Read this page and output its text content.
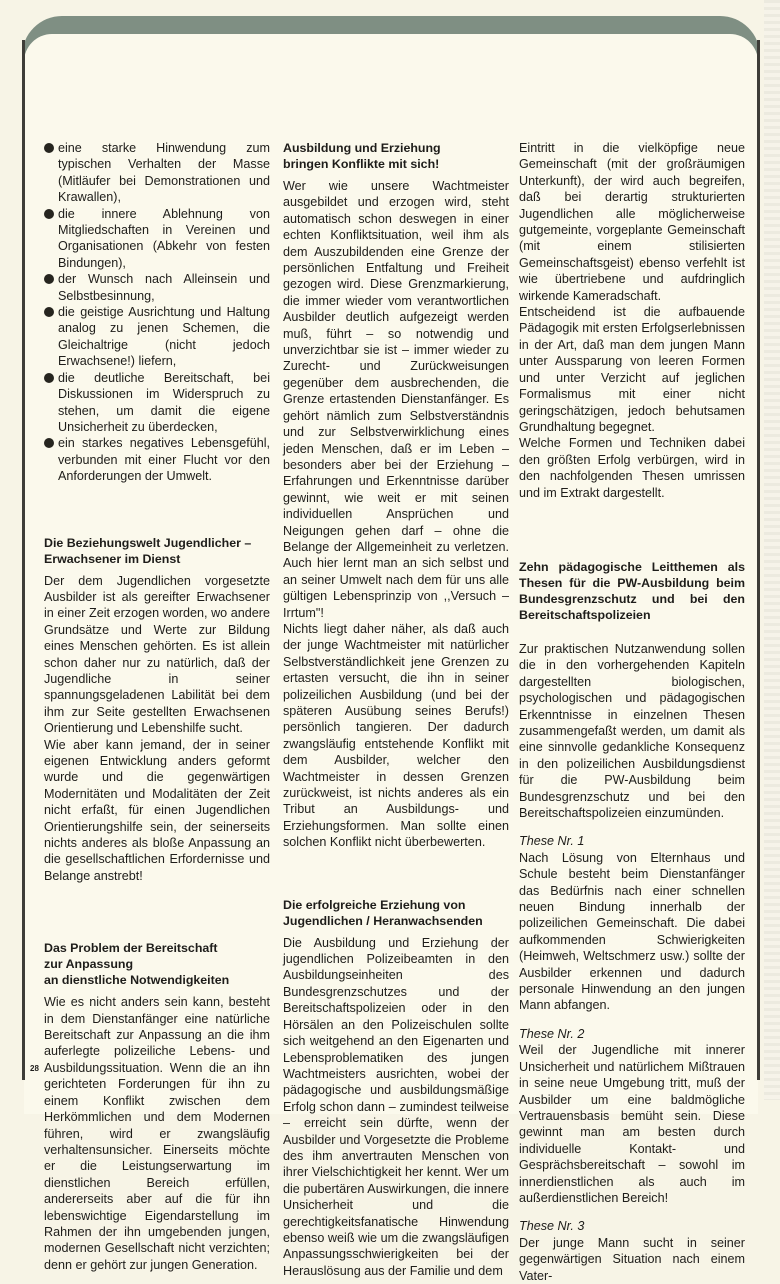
eine starke Hinwendung zum typischen Verhalten der Masse (Mitläufer bei Demonstrationen und Krawallen),
die innere Ablehnung von Mitgliedschaften in Vereinen und Organisationen (Abkehr von festen Bindungen),
der Wunsch nach Alleinsein und Selbstbesinnung,
die geistige Ausrichtung und Haltung analog zu jenen Schemen, die Gleichaltrige (nicht jedoch Erwachsene!) liefern,
die deutliche Bereitschaft, bei Diskussionen im Widerspruch zu stehen, um damit die eigene Unsicherheit zu überdecken,
ein starkes negatives Lebensgefühl, verbunden mit einer Flucht vor den Anforderungen der Umwelt.
Die Beziehungswelt Jugendlicher – Erwachsener im Dienst

Der dem Jugendlichen vorgesetzte Ausbilder ist als gereifter Erwachsener in einer Zeit erzogen worden, wo andere Grundsätze und Werte zur Bildung eines Menschen gehörten. Es ist allein schon daher nur zu natürlich, daß der Jugendliche in seiner spannungsgeladenen Labilität bei dem ihm zur Seite gestellten Erwachsenen Orientierung und Lebenshilfe sucht.

Wie aber kann jemand, der in seiner eigenen Entwicklung anders geformt wurde und die gegenwärtigen Modernitäten und Modalitäten der Zeit nicht erfaßt, für einen Jugendlichen Orientierungshilfe sein, der seinerseits nichts anderes als bloße Anpassung an die gesellschaftlichen Erfordernisse und Belange anstrebt!

Das Problem der Bereitschaft
zur Anpassung
an dienstliche Notwendigkeiten

Wie es nicht anders sein kann, besteht in dem Dienstanfänger eine natürliche Bereitschaft zur Anpassung an die ihm auferlegte polizeiliche Lebens- und Ausbildungssituation. Wenn die an ihn gerichteten Forderungen für ihn zu einem Konflikt zwischen dem Herkömmlichen und dem Modernen führen, wird er zwangsläufig verhaltensunsicher. Einerseits möchte er die Leistungserwartung im dienstlichen Bereich erfüllen, andererseits aber auf die für ihn lebenswichtige Eigendarstellung im Rahmen der ihn umgebenden jungen, modernen Gesellschaft nicht verzichten; denn er gehört zur jungen Generation.

Ausbildung und Erziehung
bringen Konflikte mit sich!

Wer wie unsere Wachtmeister ausgebildet und erzogen wird, steht automatisch schon deswegen in einer echten Konfliktsituation, weil ihm als dem Auszubildenden eine Grenze der persönlichen Entfaltung und Freiheit gezogen wird. Diese Grenzmarkierung, die immer wieder vom verantwortlichen Ausbilder deutlich aufgezeigt werden muß, führt – so notwendig und unverzichtbar sie ist – immer wieder zu Zurecht- und Zurückweisungen gegenüber dem ausbrechenden, die Grenze ertastenden Dienstanfänger. Es gehört nämlich zum Selbstverständnis und zur Selbstverwirklichung eines jeden Menschen, daß er im Leben – besonders aber bei der Erziehung – Erfahrungen und Erkenntnisse darüber gewinnt, wie weit er mit seinen individuellen Ansprüchen und Neigungen gehen darf – ohne die Belange der Allgemeinheit zu verletzen. Auch hier lernt man an sich selbst und an seiner Umwelt nach dem für uns alle gültigen Lebensprinzip von ,,Versuch – Irrtum"!

Nichts liegt daher näher, als daß auch der junge Wachtmeister mit natürlicher Selbstverständlichkeit jene Grenzen zu ertasten versucht, die ihn in seiner polizeilichen Ausbildung (und bei der späteren Ausübung seines Berufs!) persönlich tangieren. Der dadurch zwangsläufig entstehende Konflikt mit dem Ausbilder, welcher den Wachtmeister in dessen Grenzen zurückweist, ist nichts anderes als ein Tribut an Ausbildungs- und Erziehungsformen. Man sollte einen solchen Konflikt nicht überbewerten.

Die erfolgreiche Erziehung von
Jugendlichen / Heranwachsenden

Die Ausbildung und Erziehung der jugendlichen Polizeibeamten in den Ausbildungseinheiten des Bundesgrenzschutzes und der Bereitschaftspolizeien oder in den Hörsälen an den Polizeischulen sollte sich weitgehend an den Eigenarten und Lebensproblematiken des jungen Wachtmeisters ausrichten, wobei der pädagogische und ausbildungsmäßige Erfolg schon dann – zumindest teilweise – erreicht sein dürfte, wenn der Ausbilder und Vorgesetzte die Probleme des ihm anvertrauten Menschen von ihrer Vielschichtigkeit her kennt. Wer um die pubertären Auswirkungen, die innere Unsicherheit und die gerechtigkeitsfanatische Hinwendung ebenso weiß wie um die zwangsläufigen Anpassungsschwierigkeiten bei der Herauslösung aus der Familie und dem

Eintritt in die vielköpfige neue Gemeinschaft (mit der großräumigen Unterkunft), der wird auch begreifen, daß bei derartig strukturierten Jugendlichen alle möglicherweise gutgemeinte, vorgeplante Gemeinschaft (mit einem stilisierten Gemeinschaftsgeist) ebenso verfehlt ist wie übertriebene und aufdringlich wirkende Kameradschaft.

Entscheidend ist die aufbauende Pädagogik mit ersten Erfolgserlebnissen in der Art, daß man dem jungen Mann unter Aussparung von leeren Formen und unter Verzicht auf jeglichen Formalismus mit einer nicht geringschätzigen, jedoch behutsamen Grundhaltung begegnet.

Welche Formen und Techniken dabei den größten Erfolg verbürgen, wird in den nachfolgenden Thesen umrissen und im Extrakt dargestellt.

Zehn pädagogische Leitthemen als Thesen für die PW-Ausbildung beim Bundesgrenzschutz und bei den Bereitschaftspolizeien

Zur praktischen Nutzanwendung sollen die in den vorhergehenden Kapiteln dargestellten biologischen, psychologischen und pädagogischen Erkenntnisse in einzelnen Thesen zusammengefaßt werden, um damit als eine sinnvolle gedankliche Konsequenz in den polizeilichen Ausbildungsdienst für die PW-Ausbildung beim Bundesgrenzschutz und bei den Bereitschaftspolizeien einzumünden.

These Nr. 1

Nach Lösung von Elternhaus und Schule besteht beim Dienstanfänger das Bedürfnis nach einer schnellen neuen Bindung innerhalb der polizeilichen Gemeinschaft. Die dabei aufkommenden Schwierigkeiten (Heimweh, Weltschmerz usw.) sollte der Ausbilder erkennen und dadurch personale Hinwendung an den jungen Mann abfangen.

These Nr. 2

Weil der Jugendliche mit innerer Unsicherheit und natürlichem Mißtrauen in seine neue Umgebung tritt, muß der Ausbilder um eine baldmögliche Vertrauensbasis bemüht sein. Diese gewinnt man am besten durch individuelle Kontakt- und Gesprächsbereitschaft – sowohl im innerdienstlichen als auch im außerdienstlichen Bereich!

These Nr. 3

Der junge Mann sucht in seiner gegenwärtigen Situation nach einem Vater-

28
